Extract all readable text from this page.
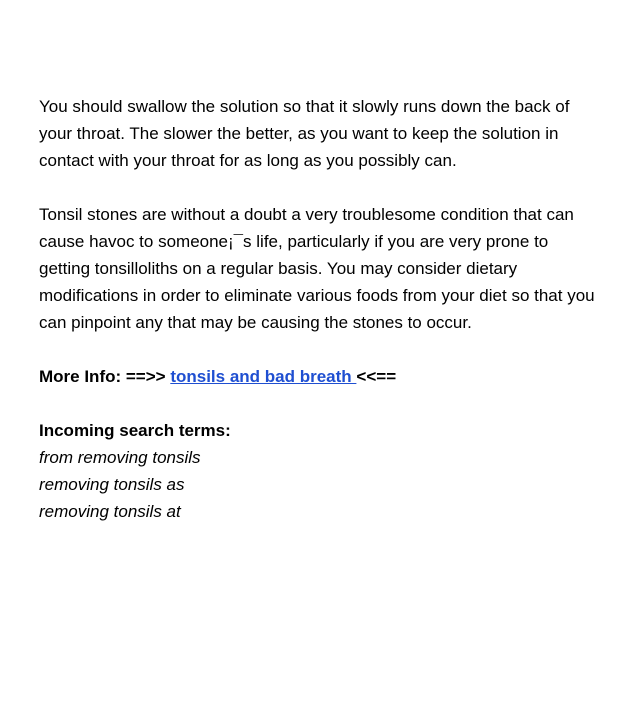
You should swallow the solution so that it slowly runs down the back of your throat. The slower the better, as you want to keep the solution in contact with your throat for as long as you possibly can.

Tonsil stones are without a doubt a very troublesome condition that can cause havoc to someone¡¯s life, particularly if you are very prone to getting tonsilloliths on a regular basis. You may consider dietary modifications in order to eliminate various foods from your diet so that you can pinpoint any that may be causing the stones to occur.

More Info: ==>> tonsils and bad breath <<==

Incoming search terms:

from removing tonsils
removing tonsils as
removing tonsils at
